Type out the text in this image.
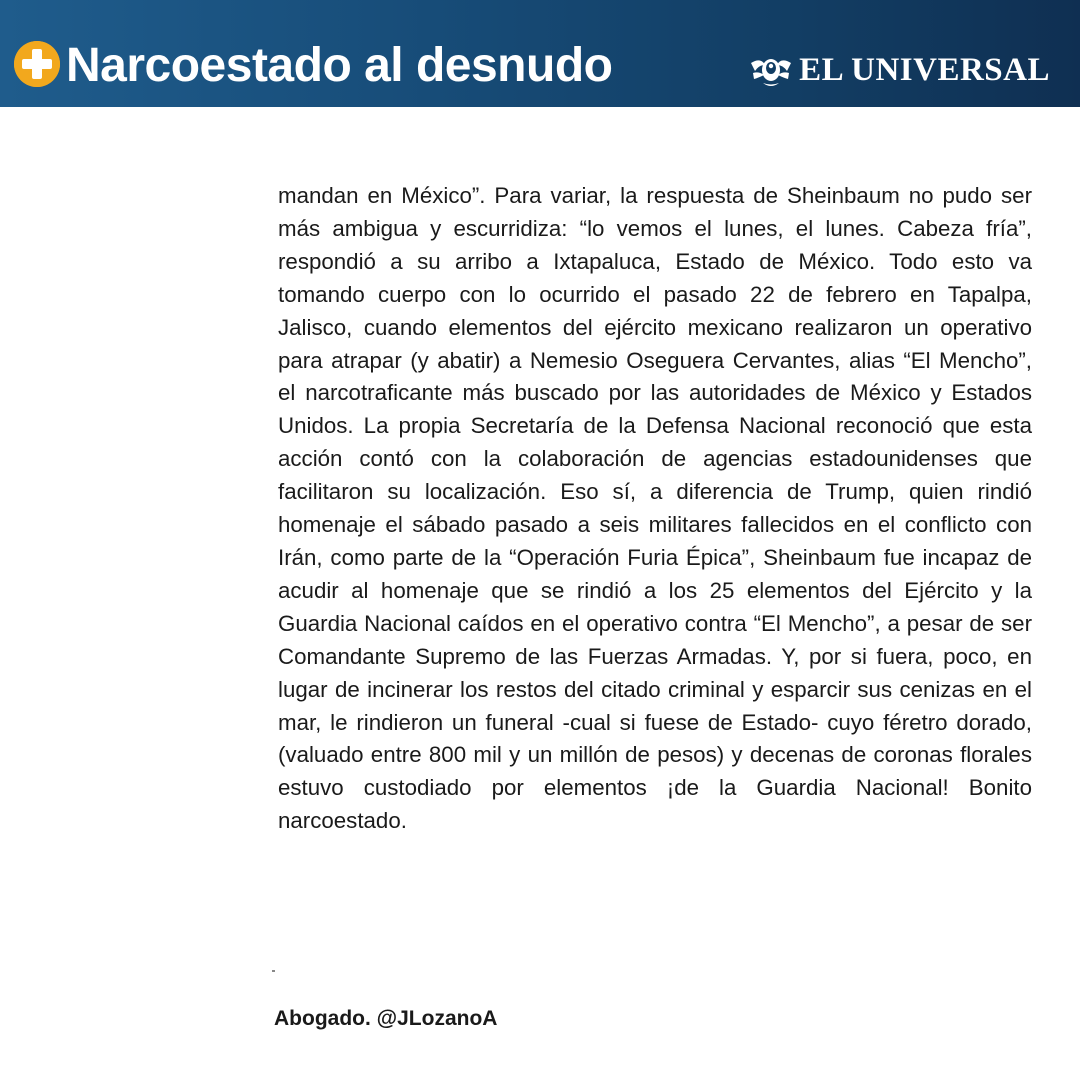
Narcoestado al desnudo	EL UNIVERSAL

mandan en México”. Para variar, la respuesta de Sheinbaum no pudo ser más ambigua y escurridiza: “lo vemos el lunes, el lunes. Cabeza fría”, respondió a su arribo a Ixtapaluca, Estado de México. Todo esto va tomando cuerpo con lo ocurrido el pasado 22 de febrero en Tapalpa, Jalisco, cuando elementos del ejército mexicano realizaron un operativo para atrapar (y abatir) a Nemesio Oseguera Cervantes, alias “El Mencho”, el narcotraficante más buscado por las autoridades de México y Estados Unidos. La propia Secretaría de la Defensa Nacional reconoció que esta acción contó con la colaboración de agencias estadounidenses que facilitaron su localización. Eso sí, a diferencia de Trump, quien rindió homenaje el sábado pasado a seis militares fallecidos en el conflicto con Irán, como parte de la “Operación Furia Épica”, Sheinbaum fue incapaz de acudir al homenaje que se rindió a los 25 elementos del Ejército y la Guardia Nacional caídos en el operativo contra “El Mencho”, a pesar de ser Comandante Supremo de las Fuerzas Armadas. Y, por si fuera, poco, en lugar de incinerar los restos del citado criminal y esparcir sus cenizas en el mar, le rindieron un funeral -cual si fuese de Estado- cuyo féretro dorado, (valuado entre 800 mil y un millón de pesos) y decenas de coronas florales estuvo custodiado por elementos ¡de la Guardia Nacional! Bonito narcoestado.

Abogado. @JLozanoA
